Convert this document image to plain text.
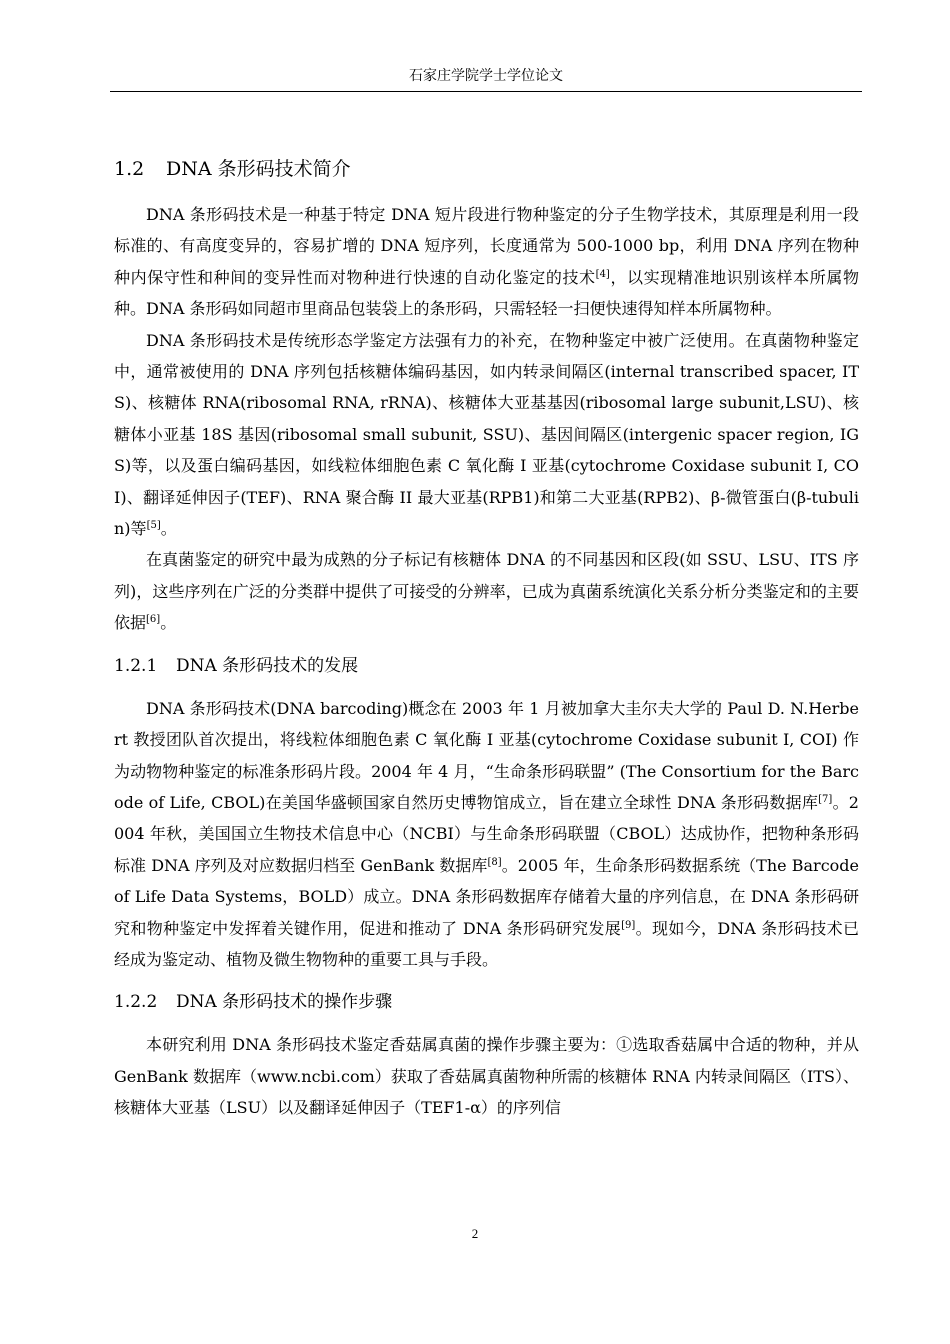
石家庄学院学士学位论文
1.2 DNA 条形码技术简介

DNA 条形码技术是一种基于特定 DNA 短片段进行物种鉴定的分子生物学技术，其原理是利用一段标准的、有高度变异的，容易扩增的 DNA 短序列，长度通常为 500-1000 bp，利用 DNA 序列在物种种内保守性和种间的变异性而对物种进行快速的自动化鉴定的技术[4]，以实现精准地识别该样本所属物种。DNA 条形码如同超市里商品包装袋上的条形码，只需轻轻一扫便快速得知样本所属物种。

DNA 条形码技术是传统形态学鉴定方法强有力的补充，在物种鉴定中被广泛使用。在真菌物种鉴定中，通常被使用的 DNA 序列包括核糖体编码基因，如内转录间隔区(internal transcribed spacer, ITS)、核糖体 RNA(ribosomal RNA, rRNA)、核糖体大亚基基因(ribosomal large subunit,LSU)、核糖体小亚基 18S 基因(ribosomal small subunit, SSU)、基因间隔区(intergenic spacer region, IGS)等，以及蛋白编码基因，如线粒体细胞色素 C 氧化酶 I 亚基(cytochrome Coxidase subunit I, COI)、翻译延伸因子(TEF)、RNA 聚合酶 II 最大亚基(RPB1)和第二大亚基(RPB2)、β-微管蛋白(β-tubulin)等[5]。

在真菌鉴定的研究中最为成熟的分子标记有核糖体 DNA 的不同基因和区段(如 SSU、LSU、ITS 序列)，这些序列在广泛的分类群中提供了可接受的分辨率，已成为真菌系统演化关系分析分类鉴定和的主要依据[6]。

1.2.1 DNA 条形码技术的发展

DNA 条形码技术(DNA barcoding)概念在 2003 年 1 月被加拿大圭尔夫大学的 Paul D. N.Herbert 教授团队首次提出，将线粒体细胞色素 C 氧化酶 I 亚基(cytochrome Coxidase subunit I, COI) 作为动物物种鉴定的标准条形码片段。2004 年 4 月，“生命条形码联盟” (The Consortium for the Barcode of Life, CBOL)在美国华盛顿国家自然历史博物馆成立，旨在建立全球性 DNA 条形码数据库[7]。2004 年秋，美国国立生物技术信息中心（NCBI）与生命条形码联盟（CBOL）达成协作，把物种条形码标准 DNA 序列及对应数据归档至 GenBank 数据库[8]。2005 年，生命条形码数据系统（The Barcode of Life Data Systems，BOLD）成立。DNA 条形码数据库存储着大量的序列信息，在 DNA 条形码研究和物种鉴定中发挥着关键作用，促进和推动了 DNA 条形码研究发展[9]。现如今，DNA 条形码技术已经成为鉴定动、植物及微生物物种的重要工具与手段。

1.2.2 DNA 条形码技术的操作步骤

本研究利用 DNA 条形码技术鉴定香菇属真菌的操作步骤主要为：①选取香菇属中合适的物种，并从 GenBank 数据库（www.ncbi.com）获取了香菇属真菌物种所需的核糖体 RNA 内转录间隔区（ITS）、核糖体大亚基（LSU）以及翻译延伸因子（TEF1-α）的序列信

2
